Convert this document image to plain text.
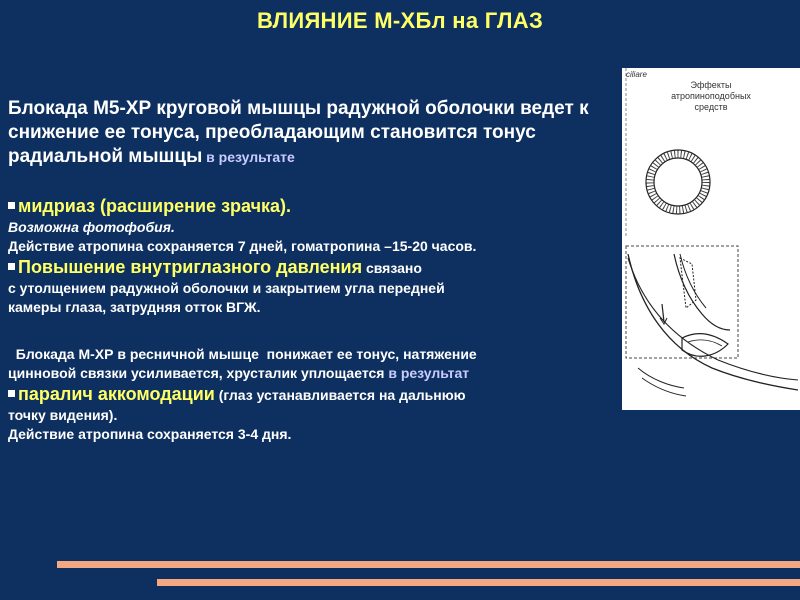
ВЛИЯНИЕ М-ХБл на ГЛАЗ

Блокада М5-ХР круговой мышцы радужной оболочки ведет к снижение ее тонуса, преобладающим становится тонус радиальной мышцы в результате

мидриаз (расширение зрачка).
Возможна фотофобия.
Действие атропина сохраняется 7 дней, гоматропина –15-20 часов.
Повышение внутриглазного давления связано
с утолщением радужной оболочки и закрытием угла передней
камеры глаза, затрудняя отток ВГЖ.
Блокада М-ХР в ресничной мышце  понижает ее тонус, натяжение
цинновой связки усиливается, хрусталик уплощается в результат
паралич аккомодации (глаз устанавливается на дальнюю
точку видения).
Действие атропина сохраняется 3-4 дня.
ciliare
Эффекты
атропиноподобных
средств
